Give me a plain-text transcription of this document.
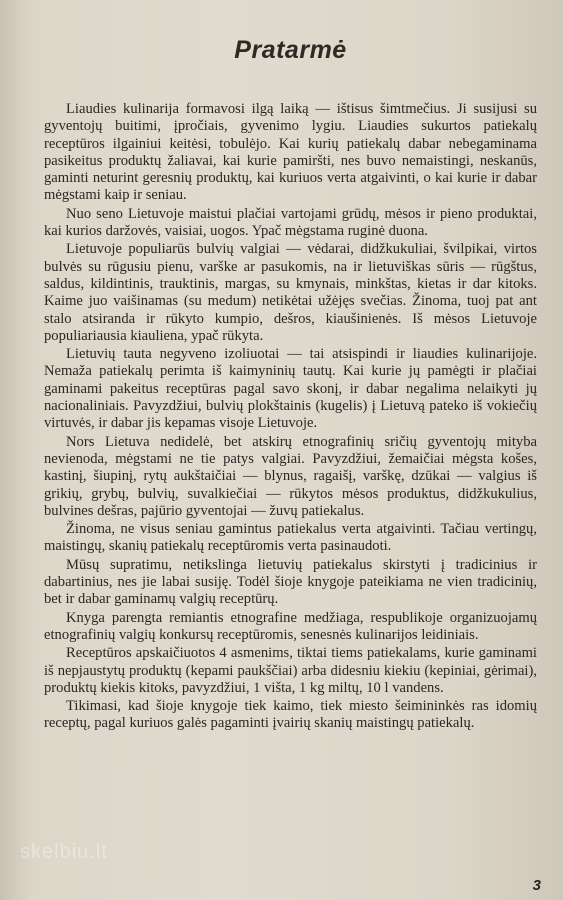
Pratarmė

Liaudies kulinarija formavosi ilgą laiką — ištisus šimtmečius. Ji susijusi su gyventojų buitimi, įpročiais, gyvenimo lygiu. Liaudies sukurtos patiekalų receptūros ilgainiui keitėsi, tobulėjo. Kai kurių patiekalų dabar nebegaminama pasikeitus produktų žaliavai, kai kurie pamiršti, nes buvo nemaistingi, neskanūs, gaminti neturint geresnių produktų, kai kuriuos verta atgaivinti, o kai kurie ir dabar mėgstami kaip ir seniau.

Nuo seno Lietuvoje maistui plačiai vartojami grūdų, mėsos ir pieno produktai, kai kurios daržovės, vaisiai, uogos. Ypač mėgstama ruginė duona.

Lietuvoje populiarūs bulvių valgiai — vėdarai, didžkukuliai, švilpikai, virtos bulvės su rūgusiu pienu, varške ar pasukomis, na ir lietuviškas sūris — rūgštus, saldus, kildintinis, trauktinis, margas, su kmynais, minkštas, kietas ir dar kitoks. Kaime juo vaišinamas (su medum) netikėtai užėjęs svečias. Žinoma, tuoj pat ant stalo atsiranda ir rūkyto kumpio, dešros, kiaušinienės. Iš mėsos Lietuvoje populiariausia kiauliena, ypač rūkyta.

Lietuvių tauta negyveno izoliuotai — tai atsispindi ir liaudies kulinarijoje. Nemaža patiekalų perimta iš kaimyninių tautų. Kai kurie jų pamėgti ir plačiai gaminami pakeitus receptūras pagal savo skonį, ir dabar negalima nelaikyti jų nacionaliniais. Pavyzdžiui, bulvių plokštainis (kugelis) į Lietuvą pateko iš vokiečių virtuvės, ir dabar jis kepamas visoje Lietuvoje.

Nors Lietuva nedidelė, bet atskirų etnografinių sričių gyventojų mityba nevienoda, mėgstami ne tie patys valgiai. Pavyzdžiui, žemaičiai mėgsta košes, kastinį, šiupinį, rytų aukštaičiai — blynus, ragaišį, varškę, dzūkai — valgius iš grikių, grybų, bulvių, suvalkiečiai — rūkytos mėsos produktus, didžkukulius, bulvines dešras, pajūrio gyventojai — žuvų patiekalus.

Žinoma, ne visus seniau gamintus patiekalus verta atgaivinti. Tačiau vertingų, maistingų, skanių patiekalų receptūromis verta pasinaudoti.

Mūsų supratimu, netikslinga lietuvių patiekalus skirstyti į tradicinius ir dabartinius, nes jie labai susiję. Todėl šioje knygoje pateikiama ne vien tradicinių, bet ir dabar gaminamų valgių receptūrų.

Knyga parengta remiantis etnografine medžiaga, respublikoje organizuojamų etnografinių valgių konkursų receptūromis, senesnės kulinarijos leidiniais.

Receptūros apskaičiuotos 4 asmenims, tiktai tiems patiekalams, kurie gaminami iš nepjaustytų produktų (kepami paukščiai) arba didesniu kiekiu (kepiniai, gėrimai), produktų kiekis kitoks, pavyzdžiui, 1 višta, 1 kg miltų, 10 l vandens.

Tikimasi, kad šioje knygoje tiek kaimo, tiek miesto šeimininkės ras idomių receptų, pagal kuriuos galės pagaminti įvairių skanių maistingų patiekalų.

skelbiu.lt
3
